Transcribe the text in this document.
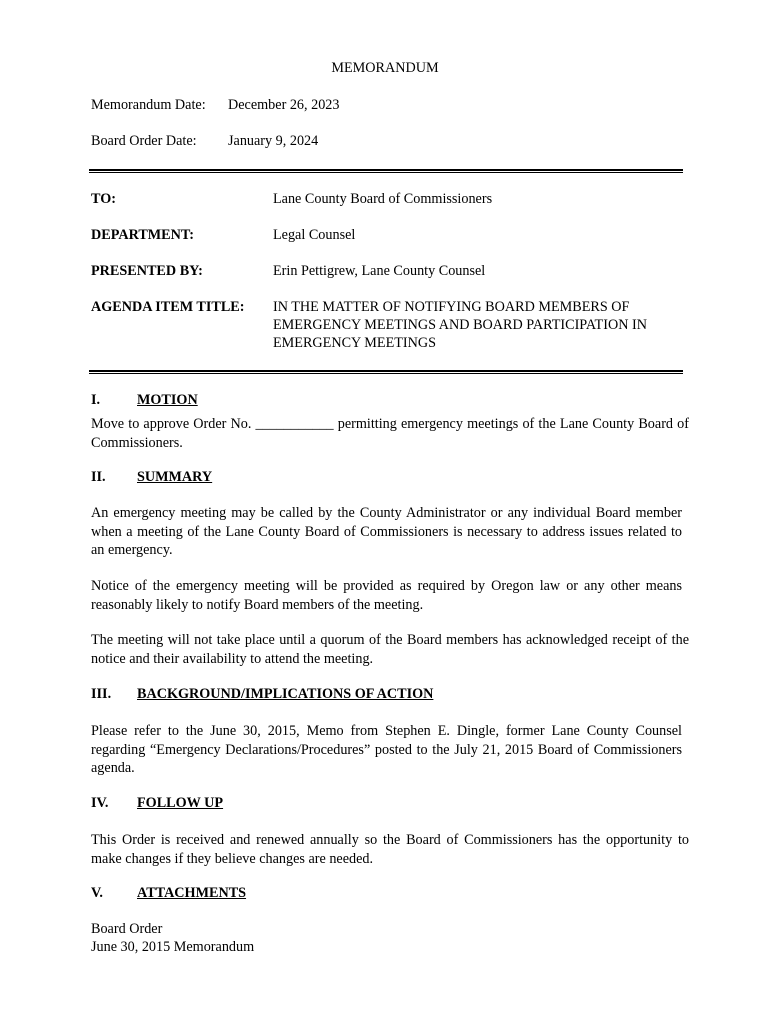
MEMORANDUM
Memorandum Date: December 26, 2023
Board Order Date: January 9, 2024
TO:	Lane County Board of Commissioners
DEPARTMENT:	Legal Counsel
PRESENTED BY:	Erin Pettigrew, Lane County Counsel
AGENDA ITEM TITLE: IN THE MATTER OF NOTIFYING BOARD MEMBERS OF EMERGENCY MEETINGS AND BOARD PARTICIPATION IN EMERGENCY MEETINGS
I.	MOTION
Move to approve Order No. ___________ permitting emergency meetings of the Lane County Board of Commissioners.
II. SUMMARY
An emergency meeting may be called by the County Administrator or any individual Board member when a meeting of the Lane County Board of Commissioners is necessary to address issues related to an emergency.
Notice of the emergency meeting will be provided as required by Oregon law or any other means reasonably likely to notify Board members of the meeting.
The meeting will not take place until a quorum of the Board members has acknowledged receipt of the notice and their availability to attend the meeting.
III. BACKGROUND/IMPLICATIONS OF ACTION
Please refer to the June 30, 2015, Memo from Stephen E. Dingle, former Lane County Counsel regarding “Emergency Declarations/Procedures” posted to the July 21, 2015 Board of Commissioners agenda.
IV. FOLLOW UP
This Order is received and renewed annually so the Board of Commissioners has the opportunity to make changes if they believe changes are needed.
V. ATTACHMENTS
Board Order
June 30, 2015 Memorandum
